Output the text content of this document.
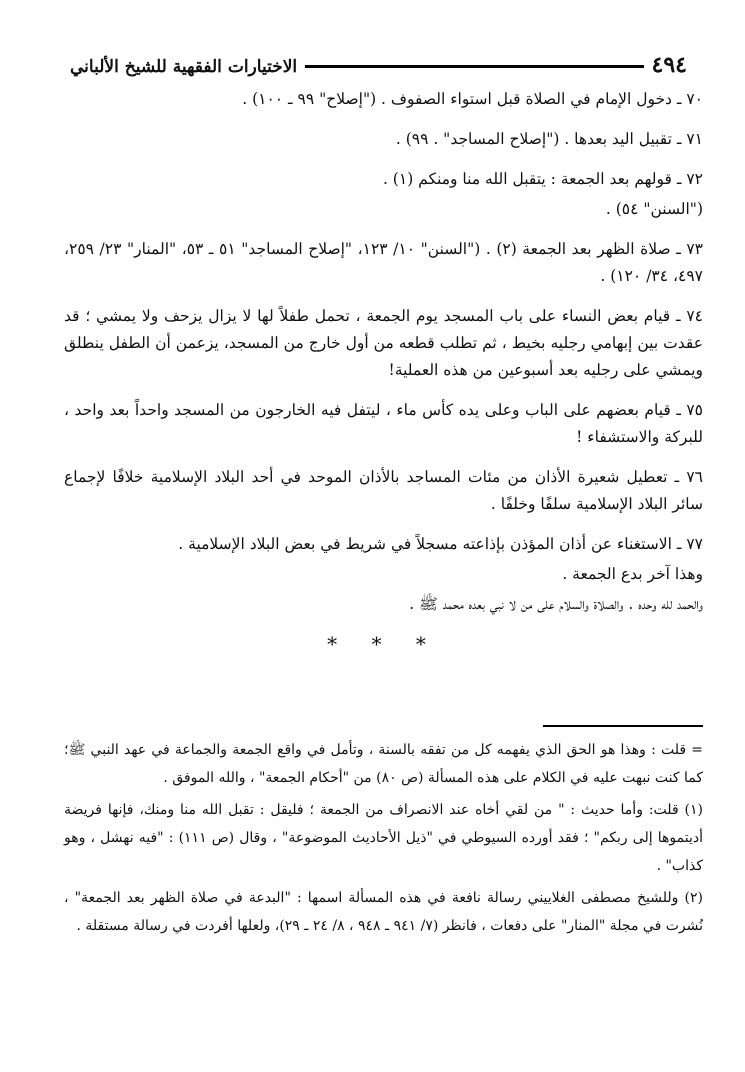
٤٩٤
الاختيارات الفقهية للشيخ الألباني

٧٠ ـ دخول الإمام في الصلاة قبل استواء الصفوف . ("إصلاح" ٩٩ ـ ١٠٠) .

٧١ ـ تقبيل اليد بعدها . ("إصلاح المساجد" . ٩٩) .

٧٢ ـ قولهم بعد الجمعة : يتقبل الله منا ومنكم (١) .

("السنن" ٥٤) .

٧٣ ـ صلاة الظهر بعد الجمعة (٢) . ("السنن" ١٠/ ١٢٣، "إصلاح المساجد" ٥١ ـ ٥٣، "المنار" ٢٣/ ٢٥٩، ٤٩٧، ٣٤/ ١٢٠) .

٧٤ ـ قيام بعض النساء على باب المسجد يوم الجمعة ، تحمل طفلاً لها لا يزال يزحف ولا يمشي ؛ قد عقدت بين إبهامي رجليه بخيط ، ثم تطلب قطعه من أول خارج من المسجد، يزعمن أن الطفل ينطلق ويمشي على رجليه بعد أسبوعين من هذه العملية!

٧٥ ـ قيام بعضهم على الباب وعلى يده كأس ماء ، ليتفل فيه الخارجون من المسجد واحداً بعد واحد ، للبركة والاستشفاء !

٧٦ ـ تعطيل شعيرة الأذان من مئات المساجد بالأذان الموحد في أحد البلاد الإسلامية خلافًا لإجماع سائر البلاد الإسلامية سلفًا وخلفًا .

٧٧ ـ الاستغناء عن أذان المؤذن بإذاعته مسجلاً في شريط في بعض البلاد الإسلامية .

وهذا آخر بدع الجمعة .

والحمد لله وحده . والصلاة والسلام على من لا نبي بعده محمد ﷺ .

* * *

= قلت : وهذا هو الحق الذي يفهمه كل من تفقه بالسنة ، وتأمل في واقع الجمعة والجماعة في عهد النبي ﷺ؛ كما كنت نبهت عليه في الكلام على هذه المسألة (ص ٨٠) من "أحكام الجمعة" ، والله الموفق .

(١) قلت: وأما حديث : " من لقي أخاه عند الانصراف من الجمعة ؛ فليقل : تقبل الله منا ومنك، فإنها فريضة أديتموها إلى ربكم" ؛ فقد أورده السيوطي في "ذيل الأحاديث الموضوعة" ، وقال (ص ١١١) : "فيه نهشل ، وهو كذاب" .

(٢) وللشيخ مصطفى الغلاييني رسالة نافعة في هذه المسألة اسمها : "البدعة في صلاة الظهر بعد الجمعة" ، نُشرت في مجلة "المنار" على دفعات ، فانظر (٧/ ٩٤١ ـ ٩٤٨ ، ٨/ ٢٤ ـ ٢٩)، ولعلها أفردت في رسالة مستقلة .
